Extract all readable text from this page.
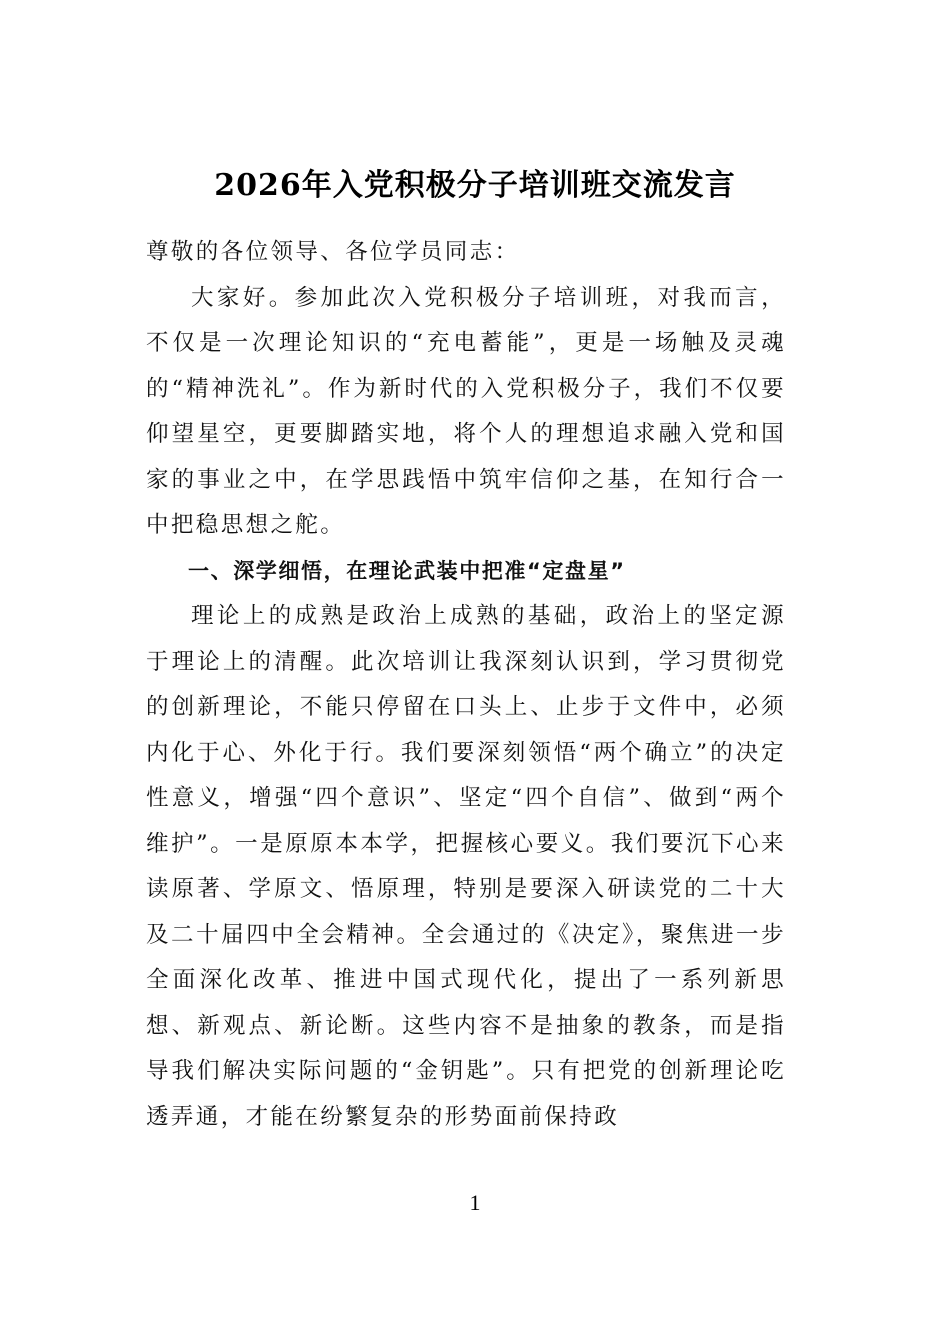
2026年入党积极分子培训班交流发言

尊敬的各位领导、各位学员同志：

大家好。参加此次入党积极分子培训班，对我而言，不仅是一次理论知识的“充电蓄能”，更是一场触及灵魂的“精神洗礼”。作为新时代的入党积极分子，我们不仅要仰望星空，更要脚踏实地，将个人的理想追求融入党和国家的事业之中，在学思践悟中筑牢信仰之基，在知行合一中把稳思想之舵。

一、深学细悟，在理论武装中把准“定盘星”

理论上的成熟是政治上成熟的基础，政治上的坚定源于理论上的清醒。此次培训让我深刻认识到，学习贯彻党的创新理论，不能只停留在口头上、止步于文件中，必须内化于心、外化于行。我们要深刻领悟“两个确立”的决定性意义，增强“四个意识”、坚定“四个自信”、做到“两个维护”。一是原原本本学，把握核心要义。我们要沉下心来读原著、学原文、悟原理，特别是要深入研读党的二十大及二十届四中全会精神。全会通过的《决定》，聚焦进一步全面深化改革、推进中国式现代化，提出了一系列新思想、新观点、新论断。这些内容不是抽象的教条，而是指导我们解决实际问题的“金钥匙”。只有把党的创新理论吃透弄通，才能在纷繁复杂的形势面前保持政

1
